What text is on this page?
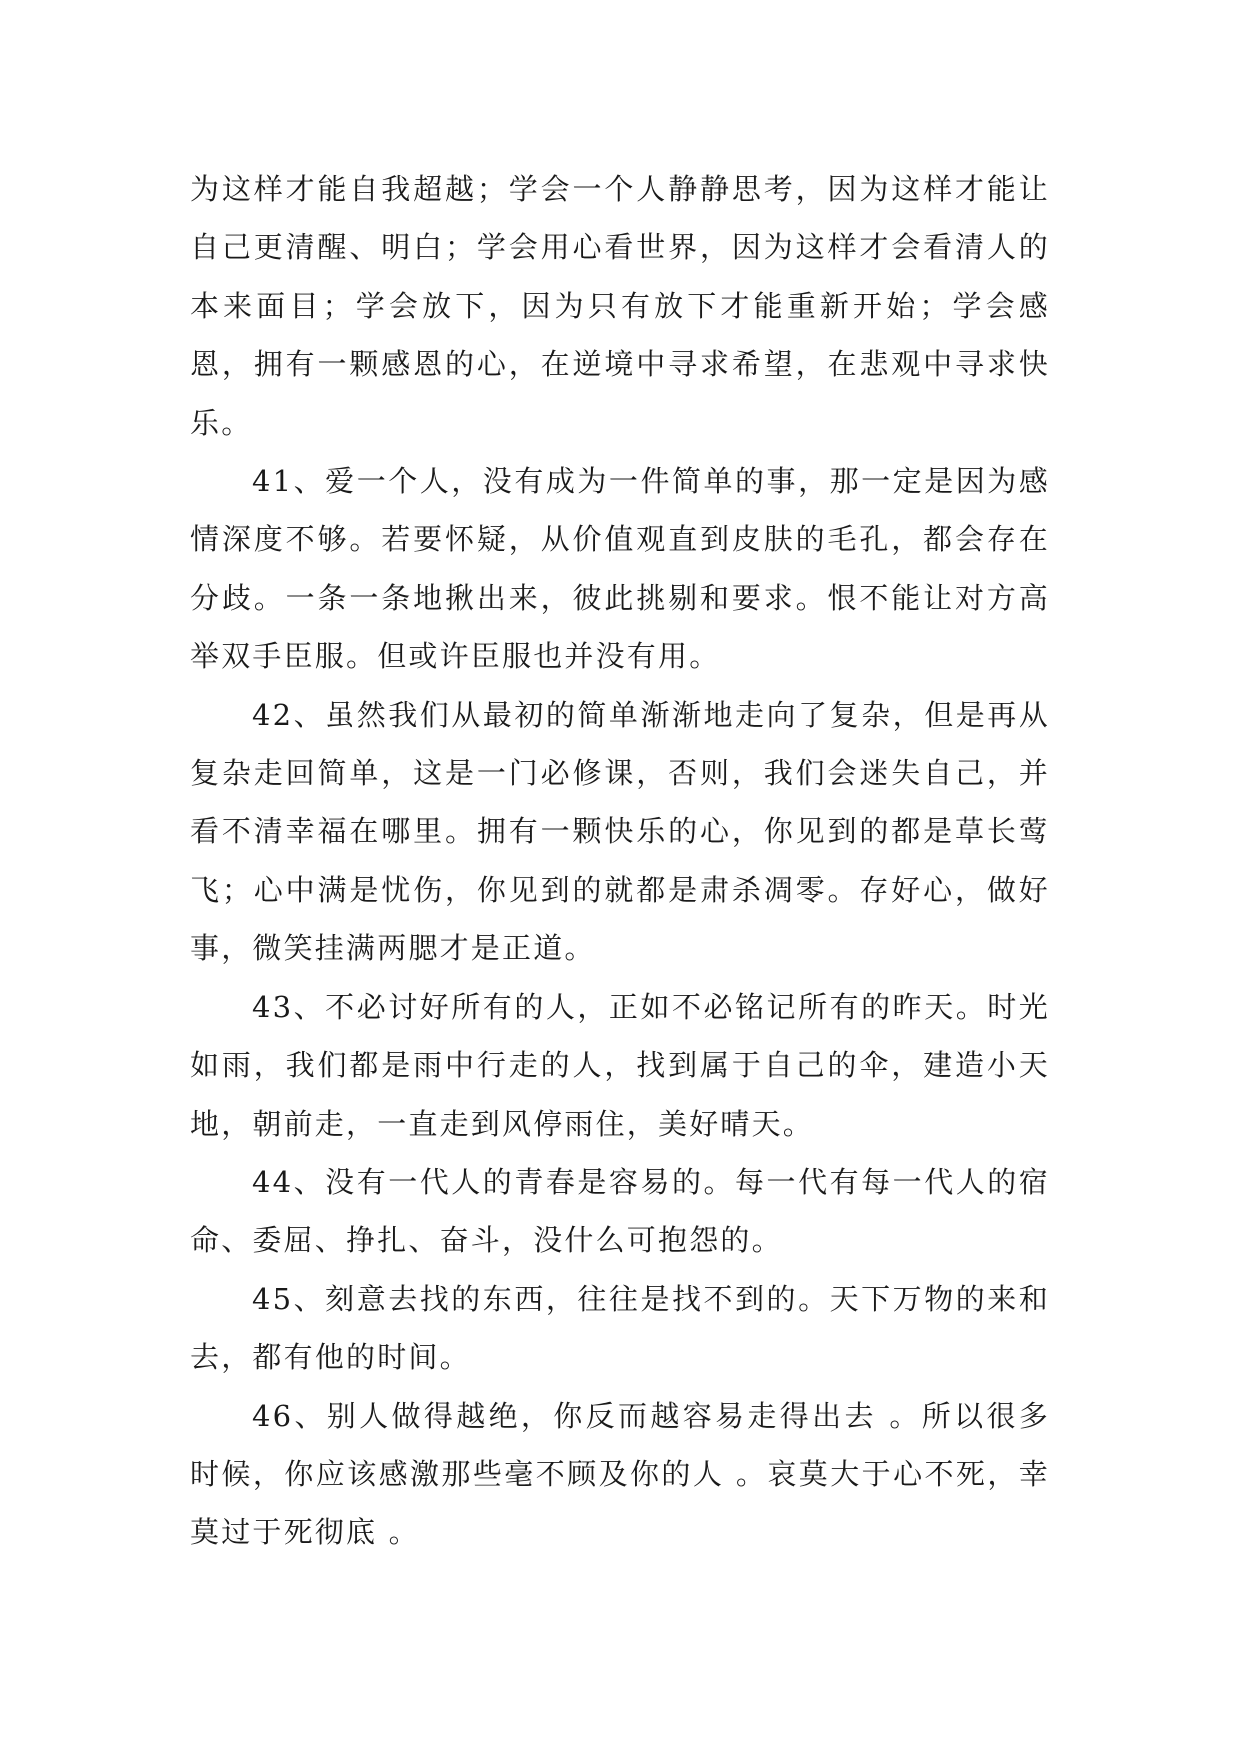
为这样才能自我超越；学会一个人静静思考，因为这样才能让自己更清醒、明白；学会用心看世界，因为这样才会看清人的本来面目；学会放下，因为只有放下才能重新开始；学会感恩，拥有一颗感恩的心，在逆境中寻求希望，在悲观中寻求快乐。

41、爱一个人，没有成为一件简单的事，那一定是因为感情深度不够。若要怀疑，从价值观直到皮肤的毛孔，都会存在分歧。一条一条地揪出来，彼此挑剔和要求。恨不能让对方高举双手臣服。但或许臣服也并没有用。

42、虽然我们从最初的简单渐渐地走向了复杂，但是再从复杂走回简单，这是一门必修课，否则，我们会迷失自己，并看不清幸福在哪里。拥有一颗快乐的心，你见到的都是草长莺飞；心中满是忧伤，你见到的就都是肃杀凋零。存好心，做好事，微笑挂满两腮才是正道。

43、不必讨好所有的人，正如不必铭记所有的昨天。时光如雨，我们都是雨中行走的人，找到属于自己的伞，建造小天地，朝前走，一直走到风停雨住，美好晴天。

44、没有一代人的青春是容易的。每一代有每一代人的宿命、委屈、挣扎、奋斗，没什么可抱怨的。

45、刻意去找的东西，往往是找不到的。天下万物的来和去，都有他的时间。

46、别人做得越绝，你反而越容易走得出去 。所以很多时候，你应该感激那些毫不顾及你的人 。哀莫大于心不死，幸莫过于死彻底 。
